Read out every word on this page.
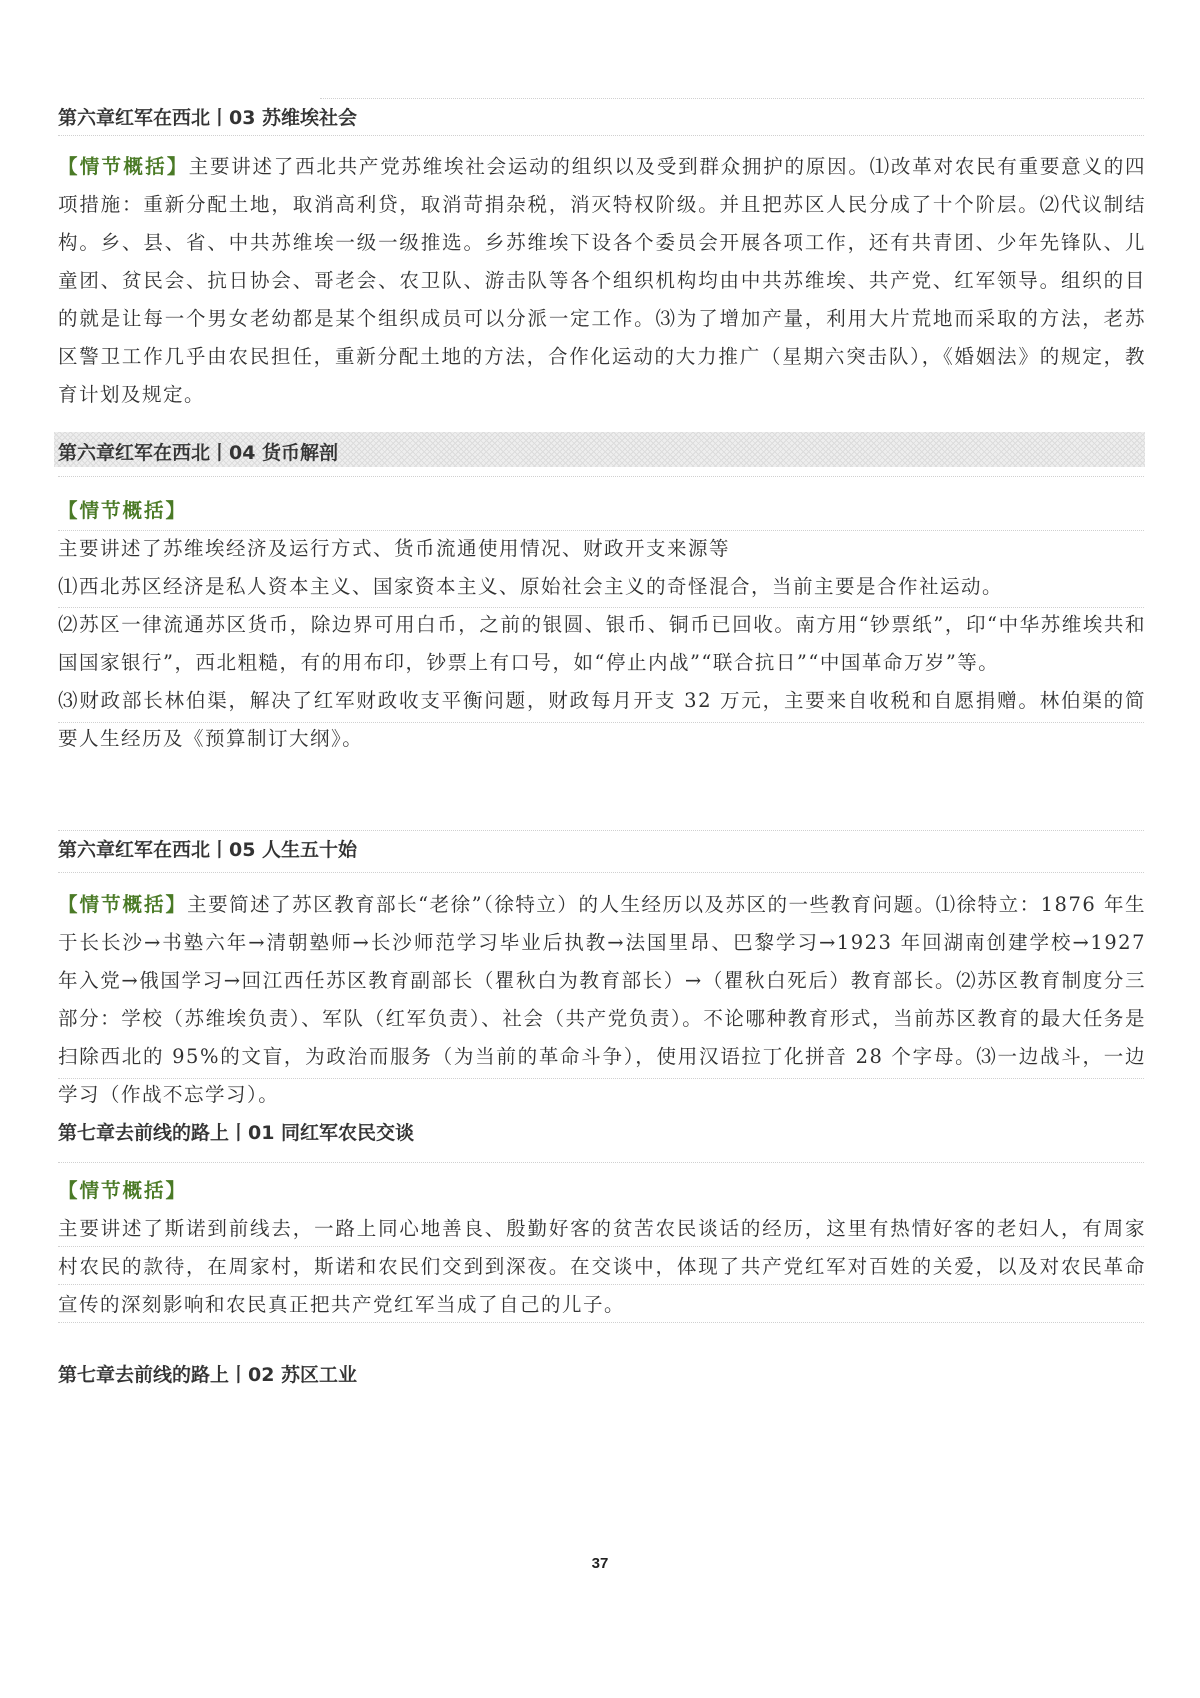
第六章红军在西北丨03 苏维埃社会

【情节概括】主要讲述了西北共产党苏维埃社会运动的组织以及受到群众拥护的原因。⑴改革对农民有重要意义的四项措施：重新分配土地，取消高利贷，取消苛捐杂税，消灭特权阶级。并且把苏区人民分成了十个阶层。⑵代议制结构。乡、县、省、中共苏维埃一级一级推选。乡苏维埃下设各个委员会开展各项工作，还有共青团、少年先锋队、儿童团、贫民会、抗日协会、哥老会、农卫队、游击队等各个组织机构均由中共苏维埃、共产党、红军领导。组织的目的就是让每一个男女老幼都是某个组织成员可以分派一定工作。⑶为了增加产量，利用大片荒地而采取的方法，老苏区警卫工作几乎由农民担任，重新分配土地的方法，合作化运动的大力推广（星期六突击队），《婚姻法》的规定，教育计划及规定。

第六章红军在西北丨04 货币解剖

【情节概括】

主要讲述了苏维埃经济及运行方式、货币流通使用情况、财政开支来源等

⑴西北苏区经济是私人资本主义、国家资本主义、原始社会主义的奇怪混合，当前主要是合作社运动。

⑵苏区一律流通苏区货币，除边界可用白币，之前的银圆、银币、铜币已回收。南方用“钞票纸”，印“中华苏维埃共和国国家银行”，西北粗糙，有的用布印，钞票上有口号，如“停止内战”“联合抗日”“中国革命万岁”等。

⑶财政部长林伯渠，解决了红军财政收支平衡问题，财政每月开支 32 万元，主要来自收税和自愿捐赠。林伯渠的简要人生经历及《预算制订大纲》。

第六章红军在西北丨05 人生五十始

【情节概括】主要简述了苏区教育部长“老徐”（徐特立）的人生经历以及苏区的一些教育问题。⑴徐特立：1876 年生于长长沙→书塾六年→清朝塾师→长沙师范学习毕业后执教→法国里昂、巴黎学习→1923 年回湖南创建学校→1927 年入党→俄国学习→回江西任苏区教育副部长（瞿秋白为教育部长）→（瞿秋白死后）教育部长。⑵苏区教育制度分三部分：学校（苏维埃负责）、军队（红军负责）、社会（共产党负责）。不论哪种教育形式，当前苏区教育的最大任务是扫除西北的 95%的文盲，为政治而服务（为当前的革命斗争），使用汉语拉丁化拼音 28 个字母。⑶一边战斗，一边学习（作战不忘学习）。

第七章去前线的路上丨01 同红军农民交谈

【情节概括】

主要讲述了斯诺到前线去，一路上同心地善良、殷勤好客的贫苦农民谈话的经历，这里有热情好客的老妇人，有周家村农民的款待，在周家村，斯诺和农民们交到到深夜。在交谈中，体现了共产党红军对百姓的关爱，以及对农民革命宣传的深刻影响和农民真正把共产党红军当成了自己的儿子。

第七章去前线的路上丨02 苏区工业
37
